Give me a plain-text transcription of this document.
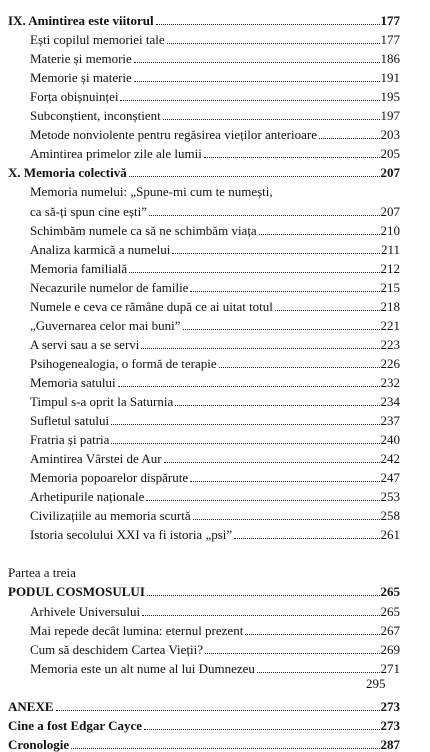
IX. Amintirea este viitorul	177
Ești copilul memoriei tale	177
Materie și memorie	186
Memorie și materie	191
Forța obișnuinței	195
Subconștient, inconștient	197
Metode nonviolente pentru regăsirea vieților anterioare	203
Amintirea primelor zile ale lumii	205
X. Memoria colectivă	207
Memoria numelui: „Spune-mi cum te numești,
ca să-ți spun cine ești”	207
Schimbăm numele ca să ne schimbăm viața	210
Analiza karmică a numelui	211
Memoria familială	212
Necazurile numelor de familie	215
Numele e ceva ce rămâne după ce ai uitat totul	218
„Guvernarea celor mai buni”	221
A servi sau a se servi	223
Psihogenealogia, o formă de terapie	226
Memoria satului	232
Timpul s-a oprit la Saturnia	234
Sufletul satului	237
Fratria și patria	240
Amintirea Vârstei de Aur	242
Memoria popoarelor dispărute	247
Arhetipurile naționale	253
Civilizațiile au memoria scurtă	258
Istoria secolului XXI va fi istoria „psi”	261
Partea a treia
PODUL COSMOSULUI	265
Arhivele Universului	265
Mai repede decât lumina: eternul prezent	267
Cum să deschidem Cartea Vieții?	269
Memoria este un alt nume al lui Dumnezeu	271
ANEXE	273
Cine a fost Edgar Cayce	273
Cronologie	287
295
